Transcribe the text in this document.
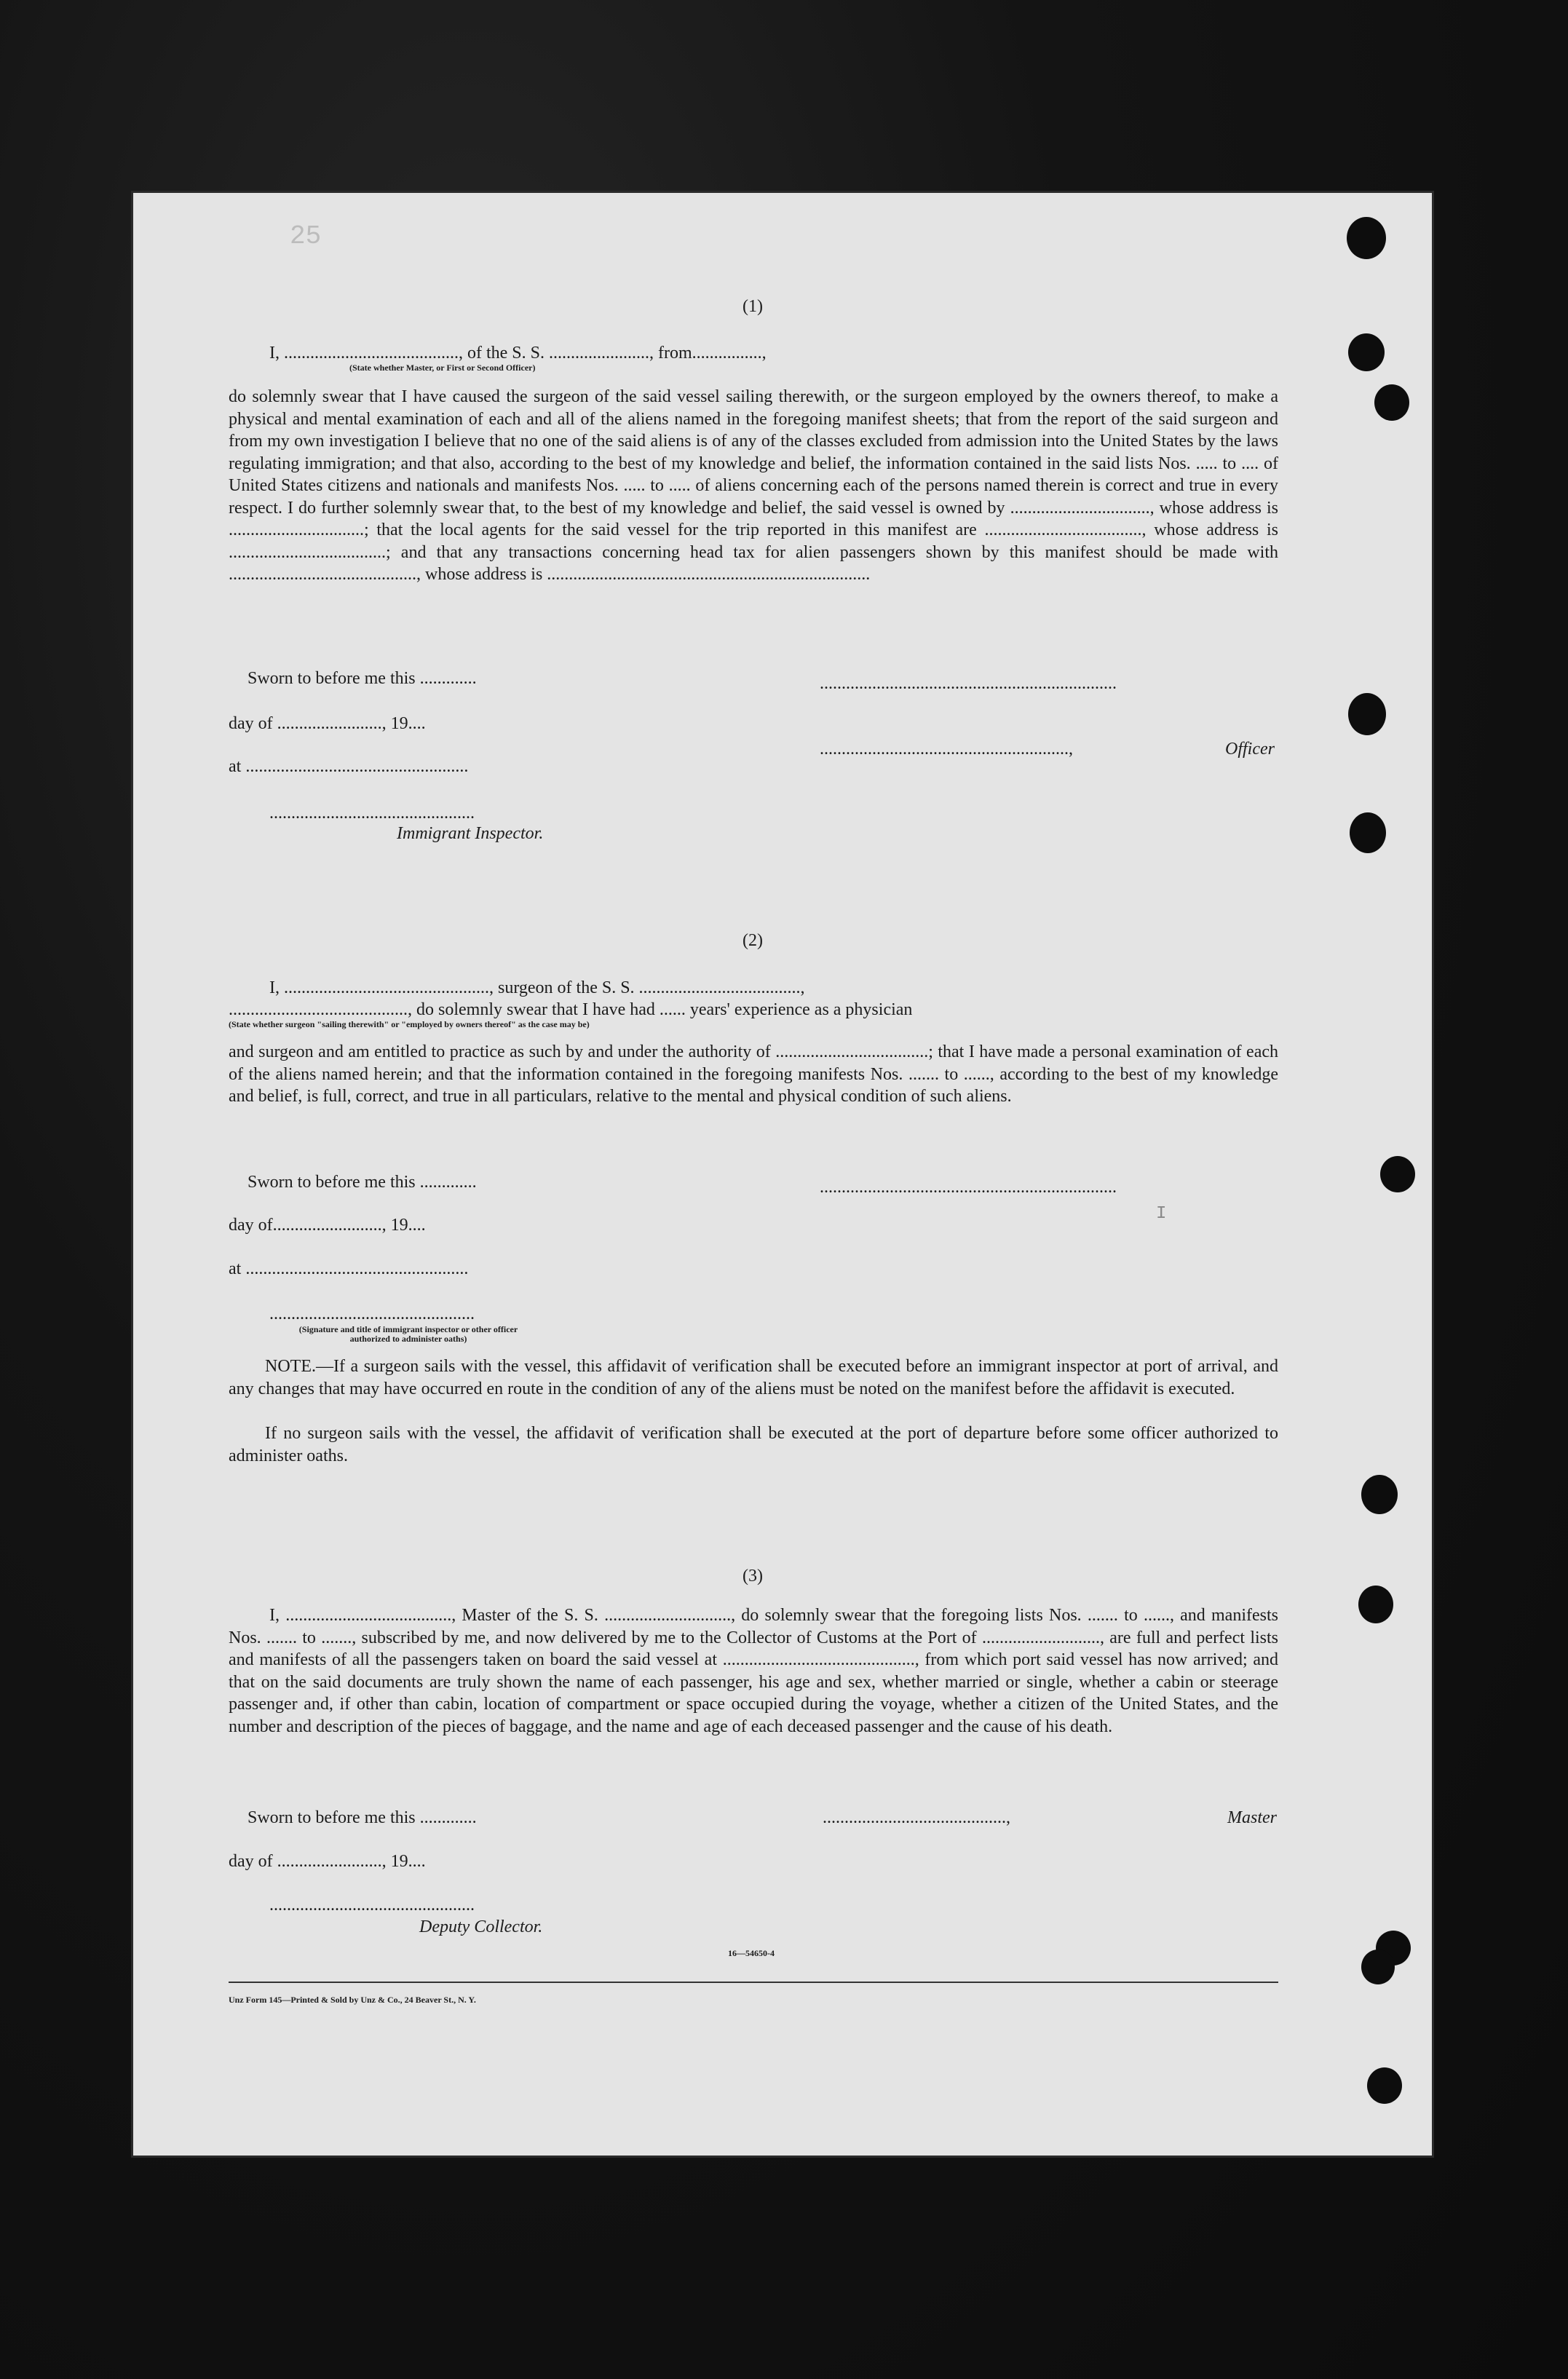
25
I
(1)
I, ........................................, of the S. S. ......................., from................,
(State whether Master, or First or Second Officer)
do solemnly swear that I have caused the surgeon of the said vessel sailing therewith, or the surgeon employed by the owners thereof, to make a physical and mental examination of each and all of the aliens named in the foregoing manifest sheets; that from the report of the said surgeon and from my own investigation I believe that no one of the said aliens is of any of the classes excluded from admission into the United States by the laws regulating immigration; and that also, according to the best of my knowledge and belief, the information contained in the said lists Nos. ..... to .... of United States citizens and nationals and manifests Nos. ..... to ..... of aliens concerning each of the persons named therein is correct and true in every respect. I do further solemnly swear that, to the best of my knowledge and belief, the said vessel is owned by ................................, whose address is ...............................; that the local agents for the said vessel for the trip reported in this manifest are ...................................., whose address is ....................................; and that any transactions concerning head tax for alien passengers shown by this manifest should be made with ..........................................., whose address is ..........................................................................
Sworn to before me this .............	....................................................................
day of ........................, 19....
.........................................................,	Officer
at ...................................................
...............................................
Immigrant Inspector.
(2)
I, ..............................................., surgeon of the S. S. .....................................,
........................................., do solemnly swear that I have had ...... years' experience as a physician
(State whether surgeon "sailing therewith" or "employed by owners thereof" as the case may be)
and surgeon and am entitled to practice as such by and under the authority of ...................................; that I have made a personal examination of each of the aliens named herein; and that the information contained in the foregoing manifests Nos. ....... to ......, according to the best of my knowledge and belief, is full, correct, and true in all particulars, relative to the mental and physical condition of such aliens.
Sworn to before me this .............	....................................................................
day of........................., 19....
at ...................................................
...............................................
(Signature and title of immigrant inspector or other officer authorized to administer oaths)
NOTE.—If a surgeon sails with the vessel, this affidavit of verification shall be executed before an immigrant inspector at port of arrival, and any changes that may have occurred en route in the condition of any of the aliens must be noted on the manifest before the affidavit is executed.
If no surgeon sails with the vessel, the affidavit of verification shall be executed at the port of departure before some officer authorized to administer oaths.
(3)
I, ......................................, Master of the S. S. ............................., do solemnly swear that the foregoing lists Nos. ....... to ......, and manifests Nos. ....... to ......., subscribed by me, and now delivered by me to the Collector of Customs at the Port of ..........................., are full and perfect lists and manifests of all the passengers taken on board the said vessel at ............................................, from which port said vessel has now arrived; and that on the said documents are truly shown the name of each passenger, his age and sex, whether married or single, whether a cabin or steerage passenger and, if other than cabin, location of compartment or space occupied during the voyage, whether a citizen of the United States, and the number and description of the pieces of baggage, and the name and age of each deceased passenger and the cause of his death.
Sworn to before me this .............	..........................................,	Master
day of ........................, 19....
...............................................
Deputy Collector.
16—54650-4
Unz Form 145—Printed & Sold by Unz & Co., 24 Beaver St., N. Y.
